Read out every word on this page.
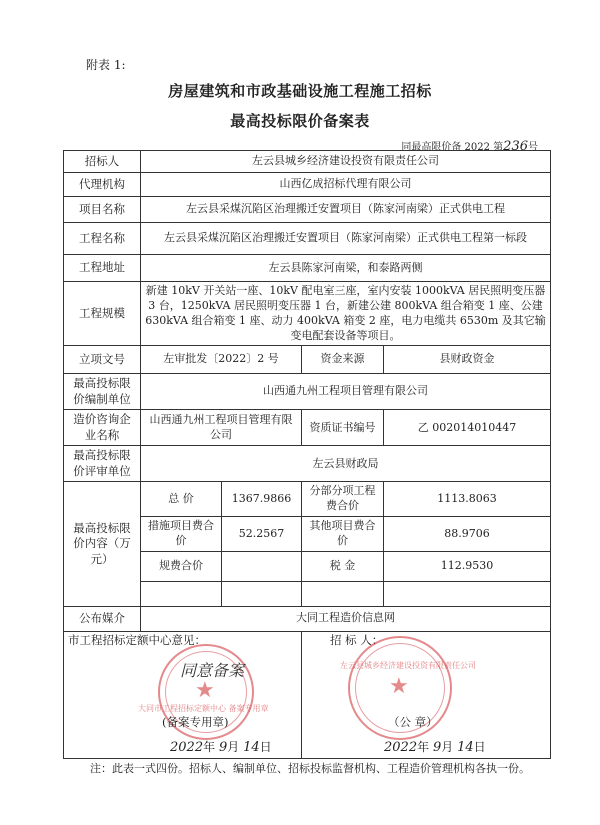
附表 1:
房屋建筑和市政基础设施工程施工招标
最高投标限价备案表
同最高限价备 2022 第236号
招标人	左云县城乡经济建设投资有限责任公司			
代理机构	山西亿成招标代理有限公司			
项目名称	左云县采煤沉陷区治理搬迁安置项目（陈家河南梁）正式供电工程			
工程名称	左云县采煤沉陷区治理搬迁安置项目（陈家河南梁）正式供电工程第一标段			
工程地址	左云县陈家河南梁，和泰路两侧			
工程规模	新建 10kV 开关站一座、10kV 配电室三座，室内安装 1000kVA 居民照明变压器 3 台，1250kVA 居民照明变压器 1 台，新建公建 800kVA 组合箱变 1 座、公建 630kVA 组合箱变 1 座、动力 400kVA 箱变 2 座，电力电缆共 6530m 及其它输变电配套设备等项目。			
立项文号	左审批发〔2022〕2 号		资金来源	县财政资金
最高投标限价编制单位	山西通九州工程项目管理有限公司			
造价咨询企业名称	山西通九州工程项目管理有限公司		资质证书编号	乙 002014010447
最高投标限价评审单位	左云县财政局			
最高投标限价内容（万元）	总 价	1367.9866	分部分项工程费合价	1113.8063
	措施项目费合价	52.2567	其他项目费合价	88.9706
	规费合价		税 金	112.9530

公布媒介	大同工程造价信息网			

市工程招标定额中心意见：	招 标 人：
★
大同市工程招标定额中心 备案专用章
同意备案
(备案专用章)
★
左云县城乡经济建设投资有限责任公司
（公 章）
2022年 9月 14日	2022年 9月 14日
注：此表一式四份。招标人、编制单位、招标投标监督机构、工程造价管理机构各执一份。
